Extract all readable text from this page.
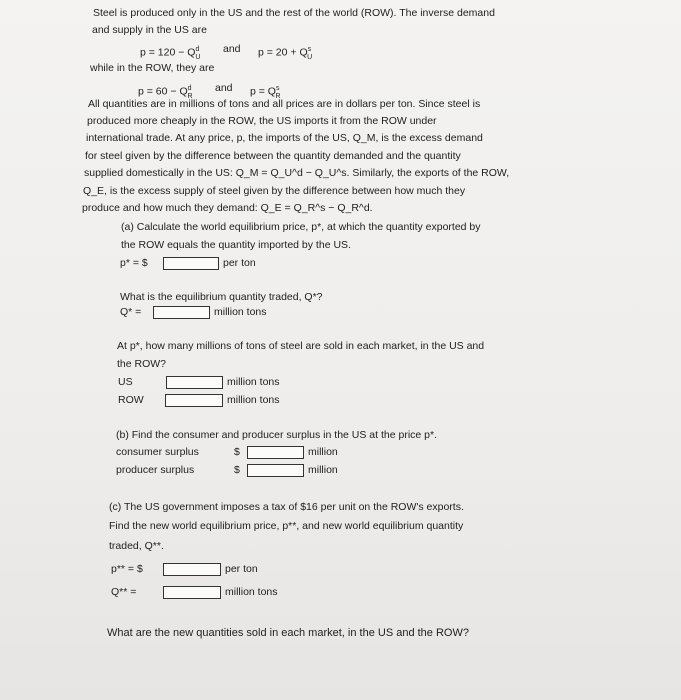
Steel is produced only in the US and the rest of the world (ROW). The inverse demand
and supply in the US are
$p = 120 - Q^d_U$
and $p = 20 + Q^s_U$
while in the ROW, they are
$p = 60 - Q^d_R$
and $p = Q^s_R$
All quantities are in millions of tons and all prices are in dollars per ton. Since steel is
produced more cheaply in the ROW, the US imports it from the ROW under
international trade. At any price, p, the imports of the US, Q_M, is the excess demand
for steel given by the difference between the quantity demanded and the quantity
supplied domestically in the US: Q_M = Q_U^d − Q_U^s. Similarly, the exports of the ROW,
Q_E, is the excess supply of steel given by the difference between how much they
produce and how much they demand: Q_E = Q_R^s − Q_R^d.
(a) Calculate the world equilibrium price, p*, at which the quantity exported by
the ROW equals the quantity imported by the US.
p* = $	per ton
What is the equilibrium quantity traded, Q*?
Q* =	million tons
At p*, how many millions of tons of steel are sold in each market, in the US and
the ROW?
US	million tons
ROW	million tons
(b) Find the consumer and producer surplus in the US at the price p*.
consumer surplus	$	million
producer surplus	$	million
(c) The US government imposes a tax of $16 per unit on the ROW's exports.
Find the new world equilibrium price, p**, and new world equilibrium quantity
traded, Q**.
p** = $	per ton
Q** =	million tons
What are the new quantities sold in each market, in the US and the ROW?
